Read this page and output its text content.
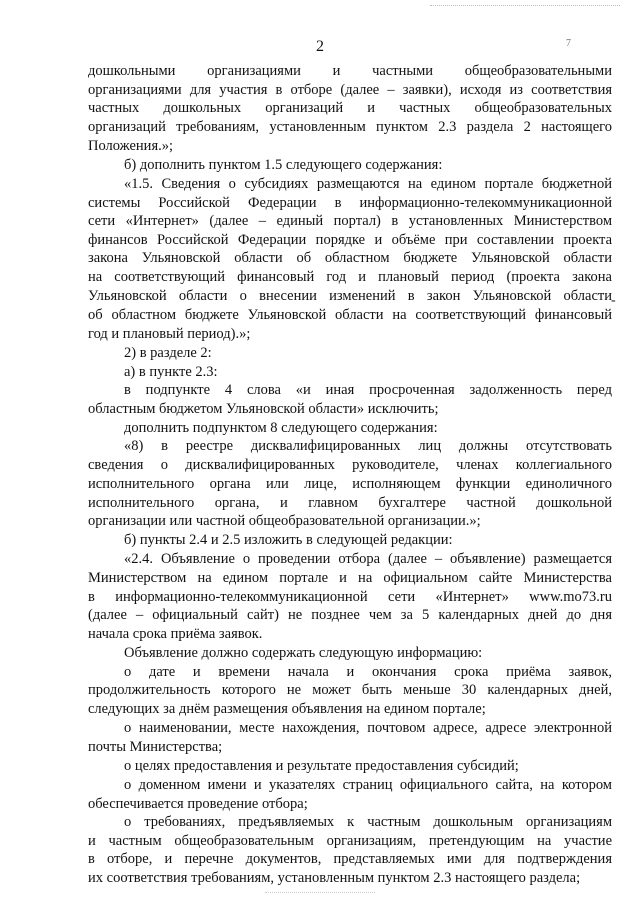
2	7
-
дошкольными организациями и частными общеобразовательными
организациями для участия в отборе (далее – заявки), исходя из соответствия
частных дошкольных организаций и частных общеобразовательных
организаций требованиям, установленным пунктом 2.3 раздела 2 настоящего
Положения.»;
б) дополнить пунктом 1.5 следующего содержания:
«1.5. Сведения о субсидиях размещаются на едином портале бюджетной
системы Российской Федерации в информационно-телекоммуникационной
сети «Интернет» (далее – единый портал) в установленных Министерством
финансов Российской Федерации порядке и объёме при составлении проекта
закона Ульяновской области об областном бюджете Ульяновской области
на соответствующий финансовый год и плановый период (проекта закона
Ульяновской области о внесении изменений в закон Ульяновской области
об областном бюджете Ульяновской области на соответствующий финансовый
год и плановый период).»;
2) в разделе 2:
а) в пункте 2.3:
в подпункте 4 слова «и иная просроченная задолженность перед
областным бюджетом Ульяновской области» исключить;
дополнить подпунктом 8 следующего содержания:
«8) в реестре дисквалифицированных лиц должны отсутствовать
сведения о дисквалифицированных руководителе, членах коллегиального
исполнительного органа или лице, исполняющем функции единоличного
исполнительного органа, и главном бухгалтере частной дошкольной
организации или частной общеобразовательной организации.»;
б) пункты 2.4 и 2.5 изложить в следующей редакции:
«2.4. Объявление о проведении отбора (далее – объявление) размещается
Министерством на едином портале и на официальном сайте Министерства
в информационно-телекоммуникационной сети «Интернет» www.mo73.ru
(далее – официальный сайт) не позднее чем за 5 календарных дней до дня
начала срока приёма заявок.
Объявление должно содержать следующую информацию:
о дате и времени начала и окончания срока приёма заявок,
продолжительность которого не может быть меньше 30 календарных дней,
следующих за днём размещения объявления на едином портале;
о наименовании, месте нахождения, почтовом адресе, адресе электронной
почты Министерства;
о целях предоставления и результате предоставления субсидий;
о доменном имени и указателях страниц официального сайта, на котором
обеспечивается проведение отбора;
о требованиях, предъявляемых к частным дошкольным организациям
и частным общеобразовательным организациям, претендующим на участие
в отборе, и перечне документов, представляемых ими для подтверждения
их соответствия требованиям, установленным пунктом 2.3 настоящего раздела;
